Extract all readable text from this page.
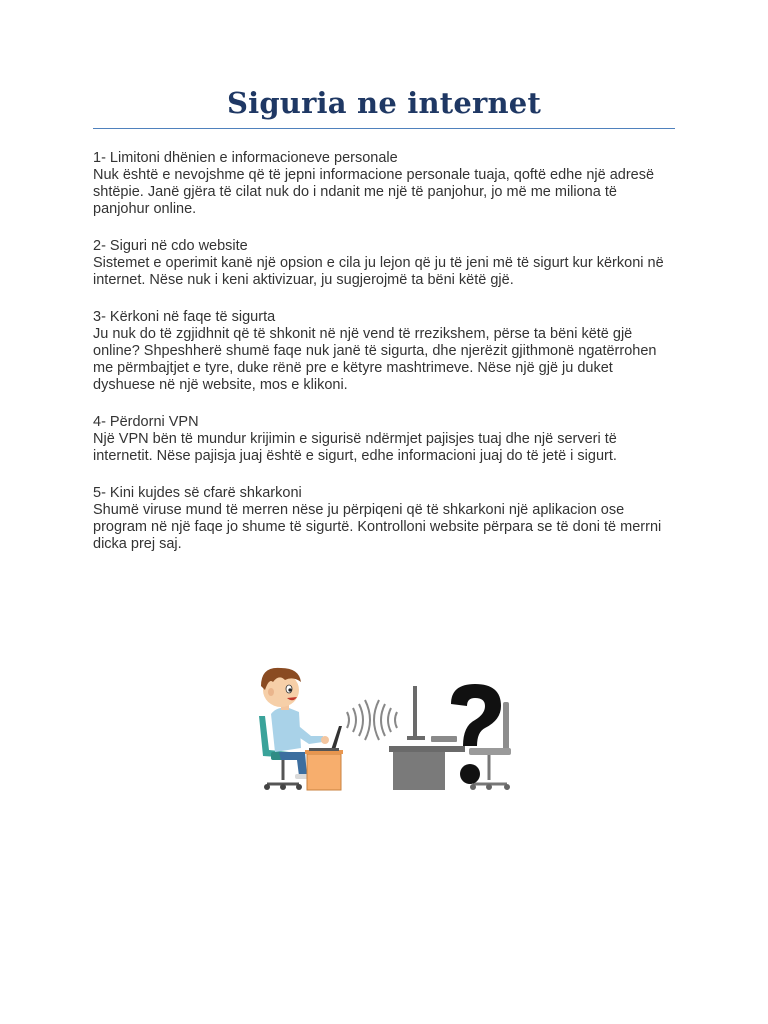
Siguria ne internet
1- Limitoni dhënien e informacioneve personale
Nuk është e nevojshme që të jepni informacione personale tuaja, qoftë edhe një adresë shtëpie. Janë gjëra të cilat nuk do i ndanit me një të panjohur, jo më me miliona të panjohur online.
2- Siguri në cdo website
Sistemet e operimit kanë një opsion e cila ju lejon që ju të jeni më të sigurt kur kërkoni në internet. Nëse nuk i keni aktivizuar, ju sugjerojmë ta bëni këtë gjë.
3- Kërkoni në faqe të sigurta
Ju nuk do të zgjidhnit që të shkonit në një vend të rrezikshem, përse ta bëni këtë gjë online? Shpeshherë shumë faqe nuk janë të sigurta, dhe njerëzit gjithmonë ngatërrohen me përmbajtjet e tyre, duke rënë pre e këtyre mashtrimeve. Nëse një gjë ju duket dyshuese në një website, mos e klikoni.
4- Përdorni VPN
Një VPN bën të mundur krijimin e sigurisë ndërmjet pajisjes tuaj dhe një serveri të internetit. Nëse pajisja juaj është e sigurt, edhe informacioni juaj do të jetë i sigurt.
5- Kini kujdes së cfarë shkarkoni
Shumë viruse mund të merren nëse ju përpiqeni që të shkarkoni një aplikacion ose program në një faqe jo shume të sigurtë. Kontrolloni website përpara se të doni të merrni dicka prej saj.
